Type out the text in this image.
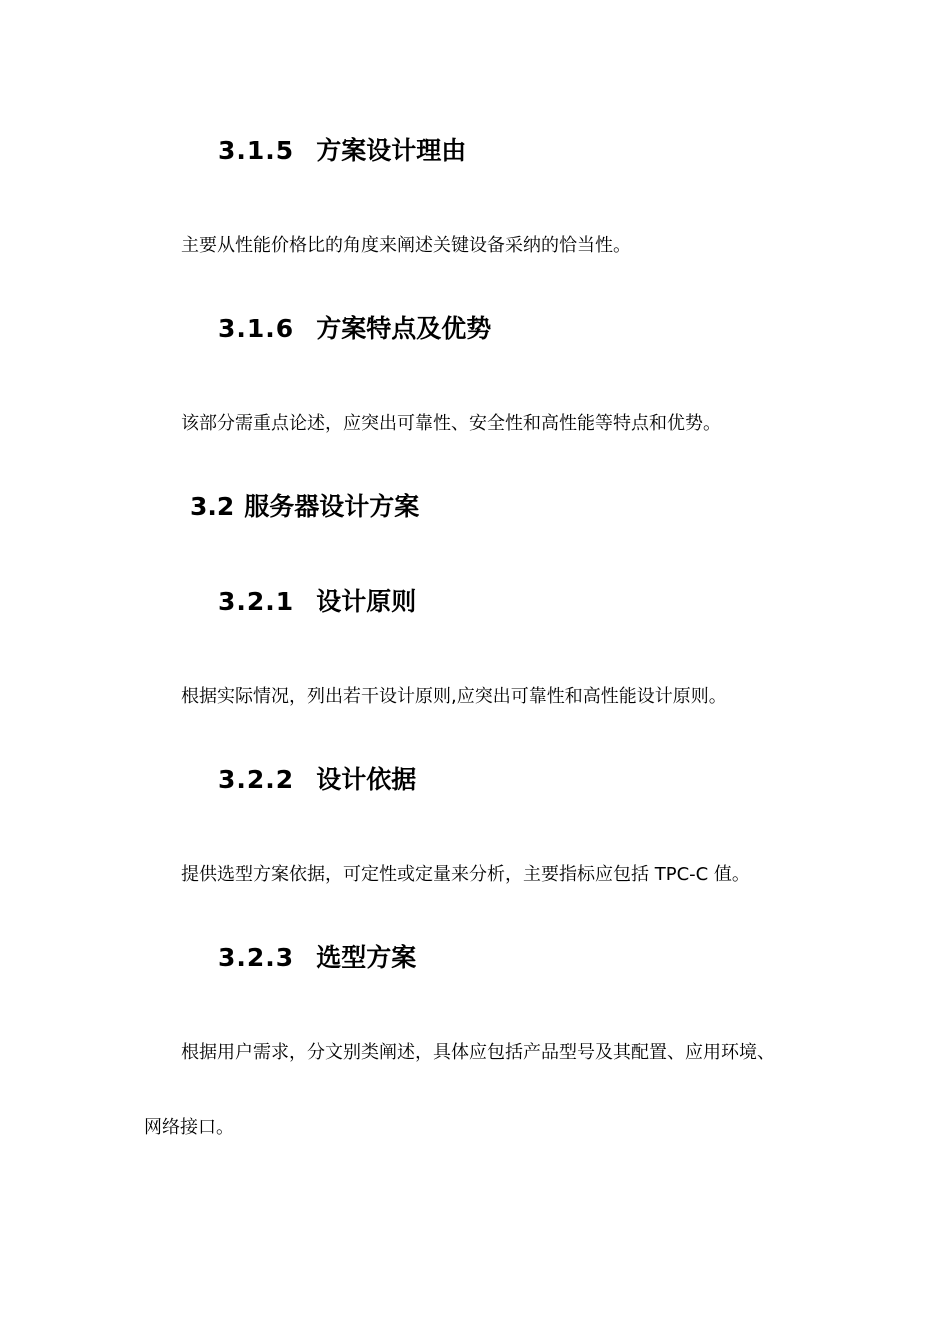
3.1.5 方案设计理由

主要从性能价格比的角度来阐述关键设备采纳的恰当性。

3.1.6 方案特点及优势

该部分需重点论述，应突出可靠性、安全性和高性能等特点和优势。

3.2 服务器设计方案
3.2.1 设计原则

根据实际情况，列出若干设计原则,应突出可靠性和高性能设计原则。

3.2.2 设计依据

提供选型方案依据，可定性或定量来分析，主要指标应包括 TPC-C 值。

3.2.3 选型方案

根据用户需求，分文别类阐述，具体应包括产品型号及其配置、应用环境、

网络接口。
